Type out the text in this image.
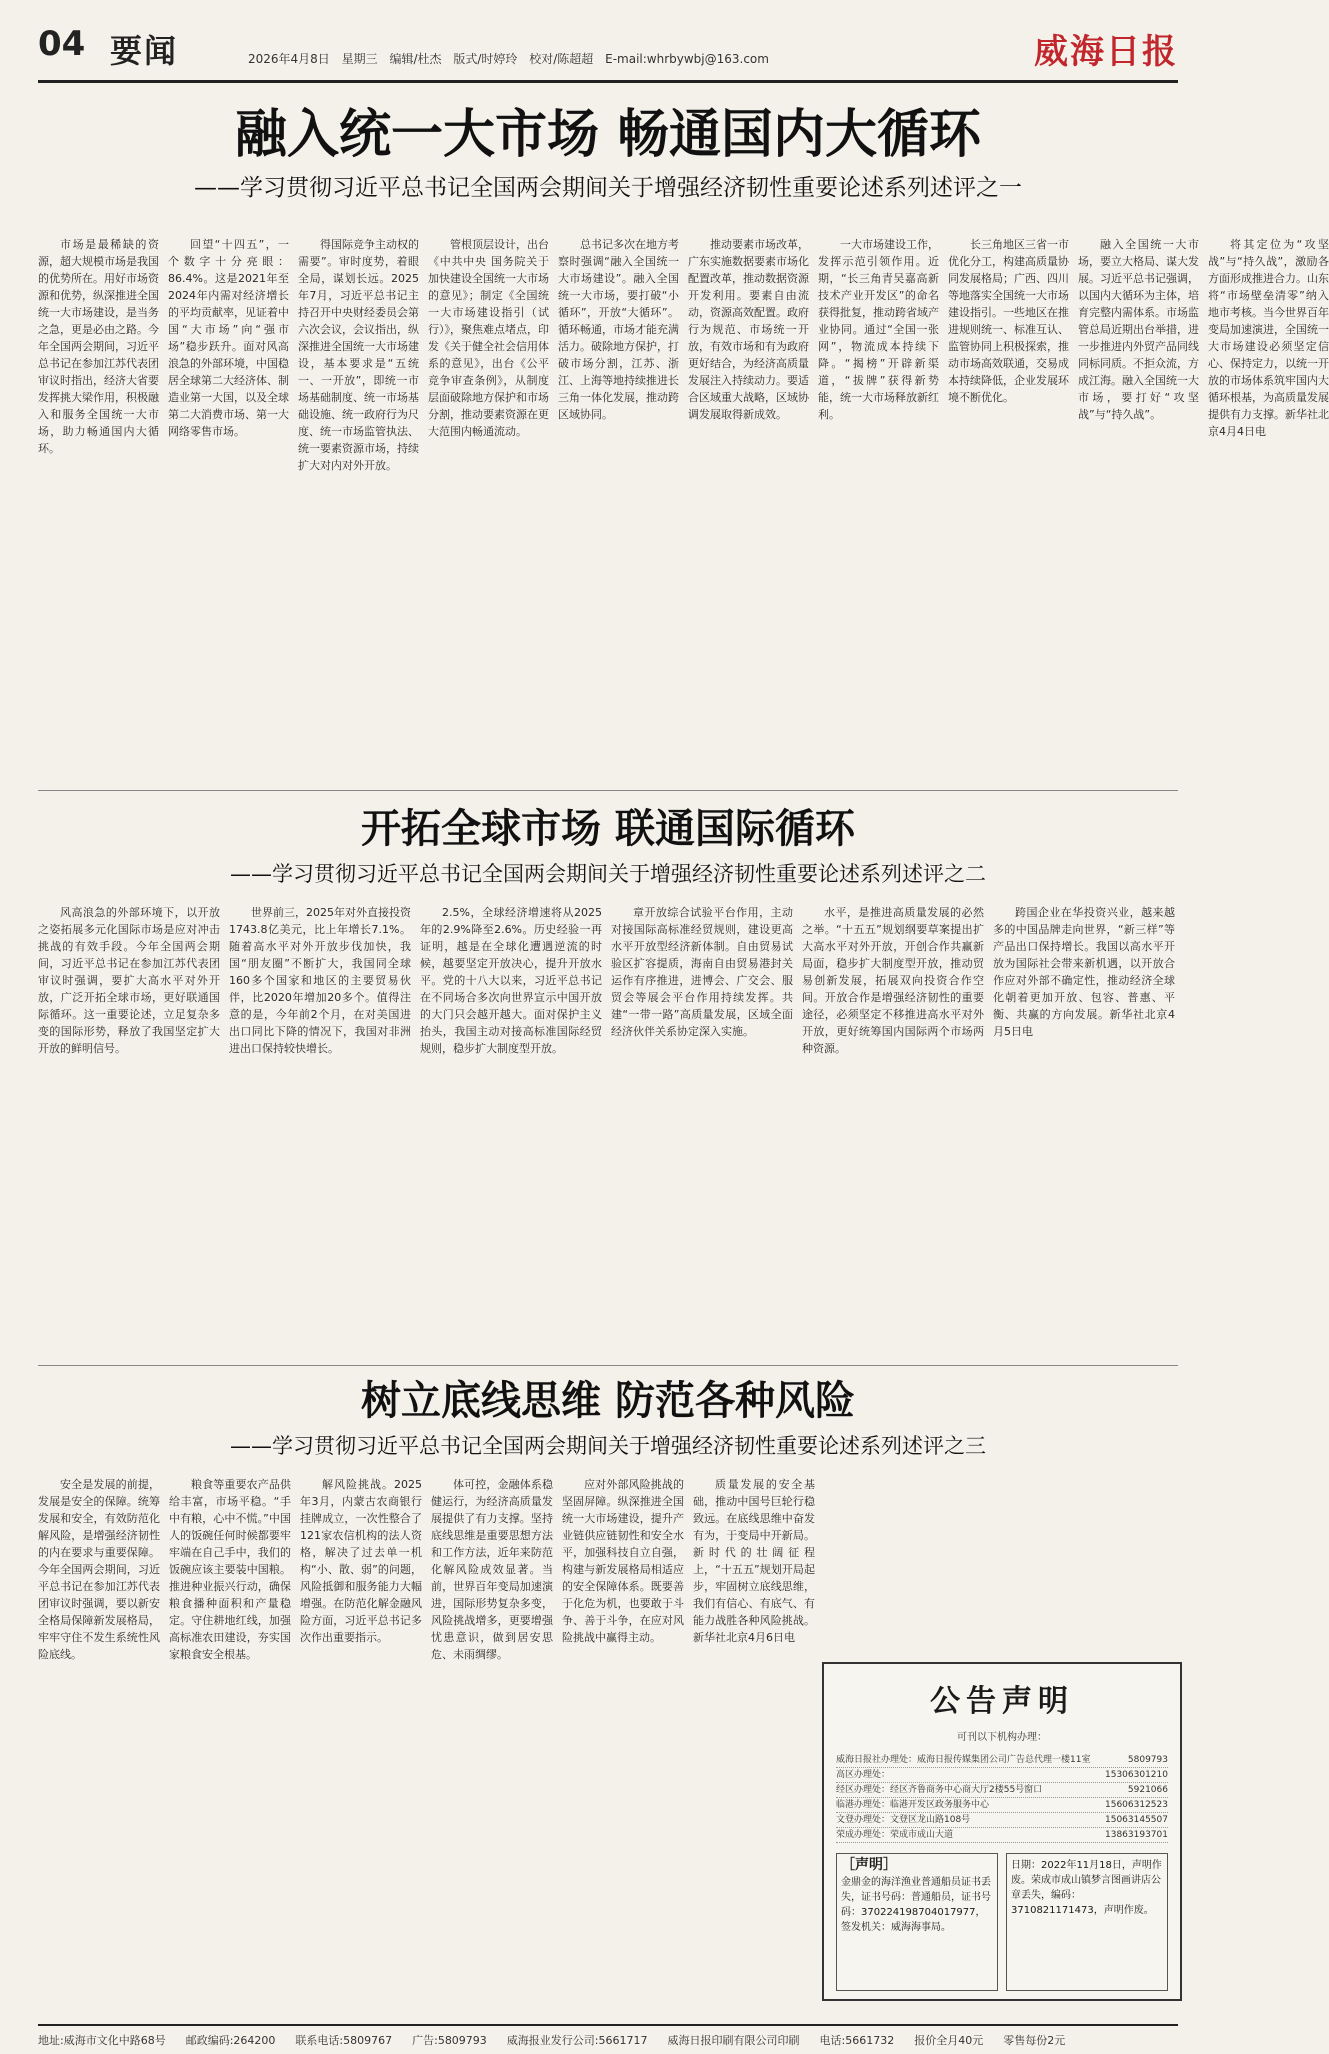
04 要闻	2026年4月8日 星期三 编辑/杜杰 版式/时婷玲 校对/陈超超 E-mail:whrbywbj@163.com	威海日报
融入统一大市场 畅通国内大循环
——学习贯彻习近平总书记全国两会期间关于增强经济韧性重要论述系列述评之一

市场是最稀缺的资源，超大规模市场是我国的优势所在。用好市场资源和优势，纵深推进全国统一大市场建设，是当务之急，更是必由之路。今年全国两会期间，习近平总书记在参加江苏代表团审议时指出，经济大省要发挥挑大梁作用，积极融入和服务全国统一大市场，助力畅通国内大循环。

回望“十四五”，一个数字十分亮眼：86.4%。这是2021年至2024年内需对经济增长的平均贡献率，见证着中国“大市场”向“强市场”稳步跃升。面对风高浪急的外部环境，中国稳居全球第二大经济体、制造业第一大国，以及全球第二大消费市场、第一大网络零售市场。

得国际竞争主动权的需要”。审时度势，着眼全局，谋划长远。2025年7月，习近平总书记主持召开中央财经委员会第六次会议，会议指出，纵深推进全国统一大市场建设，基本要求是“五统一、一开放”，即统一市场基础制度、统一市场基础设施、统一政府行为尺度、统一市场监管执法、统一要素资源市场，持续扩大对内对外开放。

管根顶层设计，出台《中共中央 国务院关于加快建设全国统一大市场的意见》；制定《全国统一大市场建设指引（试行）》，聚焦难点堵点，印发《关于健全社会信用体系的意见》，出台《公平竞争审查条例》，从制度层面破除地方保护和市场分割，推动要素资源在更大范围内畅通流动。

总书记多次在地方考察时强调“融入全国统一大市场建设”。融入全国统一大市场，要打破“小循环”，开放“大循环”。循环畅通，市场才能充满活力。破除地方保护，打破市场分割，江苏、浙江、上海等地持续推进长三角一体化发展，推动跨区域协同。

推动要素市场改革，广东实施数据要素市场化配置改革，推动数据资源开发利用。要素自由流动，资源高效配置。政府行为规范、市场统一开放，有效市场和有为政府更好结合，为经济高质量发展注入持续动力。要适合区域重大战略，区域协调发展取得新成效。

一大市场建设工作，发挥示范引领作用。近期，“长三角青吴嘉高新技术产业开发区”的命名获得批复，推动跨省域产业协同。通过“全国一张网”，物流成本持续下降。“揭榜”开辟新渠道，“拔牌”获得新势能，统一大市场释放新红利。

长三角地区三省一市优化分工，构建高质量协同发展格局；广西、四川等地落实全国统一大市场建设指引。一些地区在推进规则统一、标准互认、监管协同上积极探索，推动市场高效联通，交易成本持续降低，企业发展环境不断优化。

融入全国统一大市场，要立大格局、谋大发展。习近平总书记强调，以国内大循环为主体，培育完整内需体系。市场监管总局近期出台举措，进一步推进内外贸产品同线同标同质。不拒众流，方成江海。融入全国统一大市场，要打好“攻坚战”与“持久战”。

将其定位为“攻坚战”与“持久战”，激励各方面形成推进合力。山东将“市场壁垒清零”纳入地市考核。当今世界百年变局加速演进，全国统一大市场建设必须坚定信心、保持定力，以统一开放的市场体系筑牢国内大循环根基，为高质量发展提供有力支撑。新华社北京4月4日电

开拓全球市场 联通国际循环
——学习贯彻习近平总书记全国两会期间关于增强经济韧性重要论述系列述评之二

风高浪急的外部环境下，以开放之姿拓展多元化国际市场是应对冲击挑战的有效手段。今年全国两会期间，习近平总书记在参加江苏代表团审议时强调，要扩大高水平对外开放，广泛开拓全球市场，更好联通国际循环。这一重要论述，立足复杂多变的国际形势，释放了我国坚定扩大开放的鲜明信号。

世界前三，2025年对外直接投资1743.8亿美元，比上年增长7.1%。随着高水平对外开放步伐加快，我国“朋友圈”不断扩大，我国同全球160多个国家和地区的主要贸易伙伴，比2020年增加20多个。值得注意的是，今年前2个月，在对美国进出口同比下降的情况下，我国对非洲进出口保持较快增长。

2.5%，全球经济增速将从2025年的2.9%降至2.6%。历史经验一再证明，越是在全球化遭遇逆流的时候，越要坚定开放决心，提升开放水平。党的十八大以来，习近平总书记在不同场合多次向世界宣示中国开放的大门只会越开越大。面对保护主义抬头，我国主动对接高标准国际经贸规则，稳步扩大制度型开放。

章开放综合试验平台作用，主动对接国际高标准经贸规则，建设更高水平开放型经济新体制。自由贸易试验区扩容提质，海南自由贸易港封关运作有序推进，进博会、广交会、服贸会等展会平台作用持续发挥。共建“一带一路”高质量发展，区域全面经济伙伴关系协定深入实施。

水平，是推进高质量发展的必然之举。“十五五”规划纲要草案提出扩大高水平对外开放，开创合作共赢新局面，稳步扩大制度型开放，推动贸易创新发展，拓展双向投资合作空间。开放合作是增强经济韧性的重要途径，必须坚定不移推进高水平对外开放，更好统筹国内国际两个市场两种资源。

跨国企业在华投资兴业，越来越多的中国品牌走向世界，“新三样”等产品出口保持增长。我国以高水平开放为国际社会带来新机遇，以开放合作应对外部不确定性，推动经济全球化朝着更加开放、包容、普惠、平衡、共赢的方向发展。新华社北京4月5日电

树立底线思维 防范各种风险
——学习贯彻习近平总书记全国两会期间关于增强经济韧性重要论述系列述评之三

安全是发展的前提，发展是安全的保障。统筹发展和安全，有效防范化解风险，是增强经济韧性的内在要求与重要保障。今年全国两会期间，习近平总书记在参加江苏代表团审议时强调，要以新安全格局保障新发展格局，牢牢守住不发生系统性风险底线。

粮食等重要农产品供给丰富，市场平稳。“手中有粮，心中不慌。”中国人的饭碗任何时候都要牢牢端在自己手中，我们的饭碗应该主要装中国粮。推进种业振兴行动，确保粮食播种面积和产量稳定。守住耕地红线，加强高标准农田建设，夯实国家粮食安全根基。

解风险挑战。2025年3月，内蒙古农商银行挂牌成立，一次性整合了121家农信机构的法人资格，解决了过去单一机构“小、散、弱”的问题，风险抵御和服务能力大幅增强。在防范化解金融风险方面，习近平总书记多次作出重要指示。

体可控，金融体系稳健运行，为经济高质量发展提供了有力支撑。坚持底线思维是重要思想方法和工作方法，近年来防范化解风险成效显著。当前，世界百年变局加速演进，国际形势复杂多变，风险挑战增多，更要增强忧患意识，做到居安思危、未雨绸缪。

应对外部风险挑战的坚固屏障。纵深推进全国统一大市场建设，提升产业链供应链韧性和安全水平，加强科技自立自强，构建与新发展格局相适应的安全保障体系。既要善于化危为机，也要敢于斗争、善于斗争，在应对风险挑战中赢得主动。

质量发展的安全基础，推动中国号巨轮行稳致远。在底线思维中奋发有为，于变局中开新局。新时代的壮阔征程上，“十五五”规划开局起步，牢固树立底线思维，我们有信心、有底气、有能力战胜各种风险挑战。新华社北京4月6日电

公告声明
可刊以下机构办理：
威海日报社办理处：威海日报传媒集团公司广告总代理一楼11室	5809793
高区办理处：	15306301210
经区办理处：经区齐鲁商务中心商大厅2楼55号窗口	5921066
临港办理处：临港开发区政务服务中心	15606312523
文登办理处：文登区龙山路108号	15063145507
荣成办理处：荣成市成山大道	13863193701
［声明］
金鼎金的海洋渔业普通船员证书丢失，证书号码：普通船员，证书号码：370224198704017977，签发机关：威海海事局。
日期：2022年11月18日，声明作废。荣成市成山镇梦言图画讲店公章丢失，编码：3710821171473，声明作废。
地址:威海市文化中路68号 邮政编码:264200 联系电话:5809767 广告:5809793 威海报业发行公司:5661717 威海日报印刷有限公司印刷 电话:5661732 报价全月40元 零售每份2元
